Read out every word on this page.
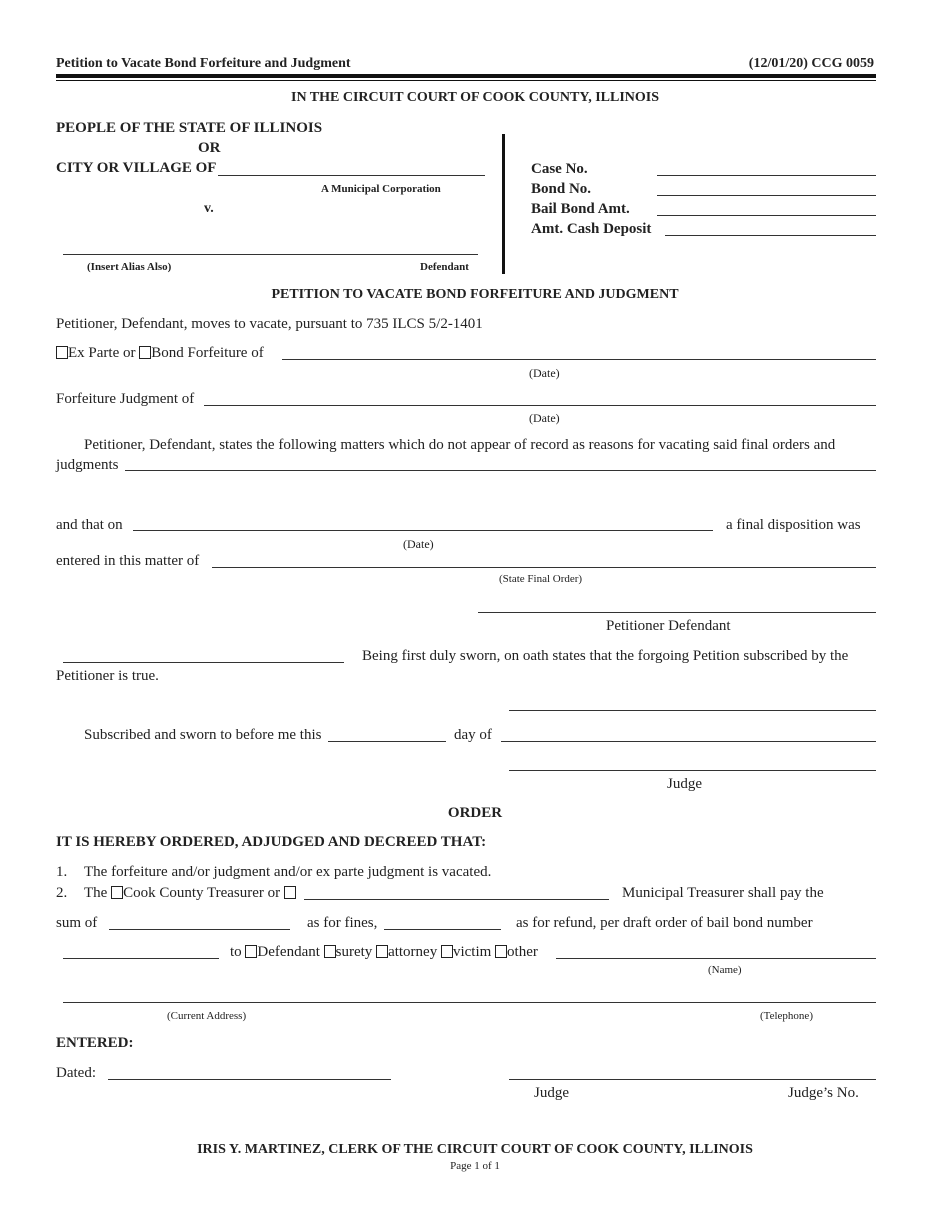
Petition to Vacate Bond Forfeiture and Judgment	(12/01/20) CCG 0059
IN THE CIRCUIT COURT OF COOK COUNTY, ILLINOIS
PEOPLE OF THE STATE OF ILLINOIS
OR
CITY OR VILLAGE OF
A Municipal Corporation
v.
(Insert Alias Also)	Defendant
Case No.
Bond No.
Bail Bond Amt.
Amt. Cash Deposit
PETITION TO VACATE BOND FORFEITURE AND JUDGMENT
Petitioner, Defendant, moves to vacate, pursuant to 735 ILCS 5/2-1401
Ex Parte or Bond Forfeiture of
(Date)
Forfeiture Judgment of
(Date)
Petitioner, Defendant, states the following matters which do not appear of record as reasons for vacating said final orders and
judgments
and that on	a final disposition was
(Date)
entered in this matter of
(State Final Order)
Petitioner Defendant
Being first duly sworn, on oath states that the forgoing Petition subscribed by the
Petitioner is true.
Subscribed and sworn to before me this	day of
Judge
ORDER
IT IS HEREBY ORDERED, ADJUDGED AND DECREED THAT:
1. The forfeiture and/or judgment and/or ex parte judgment is vacated.
2. The Cook County Treasurer or	Municipal Treasurer shall pay the
sum of	as for fines,	as for refund, per draft order of bail bond number
to Defendant surety attorney victim other
(Name)
(Current Address)	(Telephone)
ENTERED:
Dated:
Judge	Judge’s No.
IRIS Y. MARTINEZ, CLERK OF THE CIRCUIT COURT OF COOK COUNTY, ILLINOIS
Page 1 of 1
